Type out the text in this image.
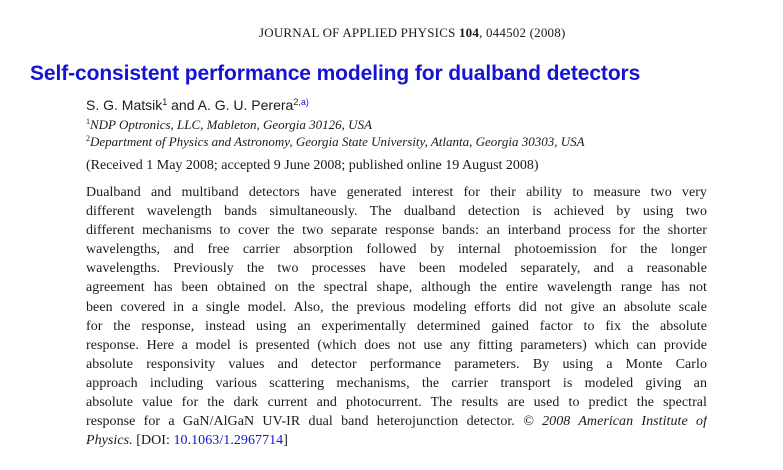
JOURNAL OF APPLIED PHYSICS 104, 044502 (2008)
Self-consistent performance modeling for dualband detectors
S. G. Matsik$^1$ and A. G. U. Perera$^{2,a)}$
$^1$NDP Optronics, LLC, Mableton, Georgia 30126, USA
$^2$Department of Physics and Astronomy, Georgia State University, Atlanta, Georgia 30303, USA
(Received 1 May 2008; accepted 9 June 2008; published online 19 August 2008)
Dualband and multiband detectors have generated interest for their ability to measure two very
different wavelength bands simultaneously. The dualband detection is achieved by using two
different mechanisms to cover the two separate response bands: an interband process for the shorter
wavelengths, and free carrier absorption followed by internal photoemission for the longer
wavelengths. Previously the two processes have been modeled separately, and a reasonable
agreement has been obtained on the spectral shape, although the entire wavelength range has not
been covered in a single model. Also, the previous modeling efforts did not give an absolute scale
for the response, instead using an experimentally determined gained factor to fix the absolute
response. Here a model is presented (which does not use any fitting parameters) which can provide
absolute responsivity values and detector performance parameters. By using a Monte Carlo
approach including various scattering mechanisms, the carrier transport is modeled giving an
absolute value for the dark current and photocurrent. The results are used to predict the spectral
response for a GaN/AlGaN UV-IR dual band heterojunction detector. © 2008 American Institute of
Physics. [DOI: 10.1063/1.2967714]
